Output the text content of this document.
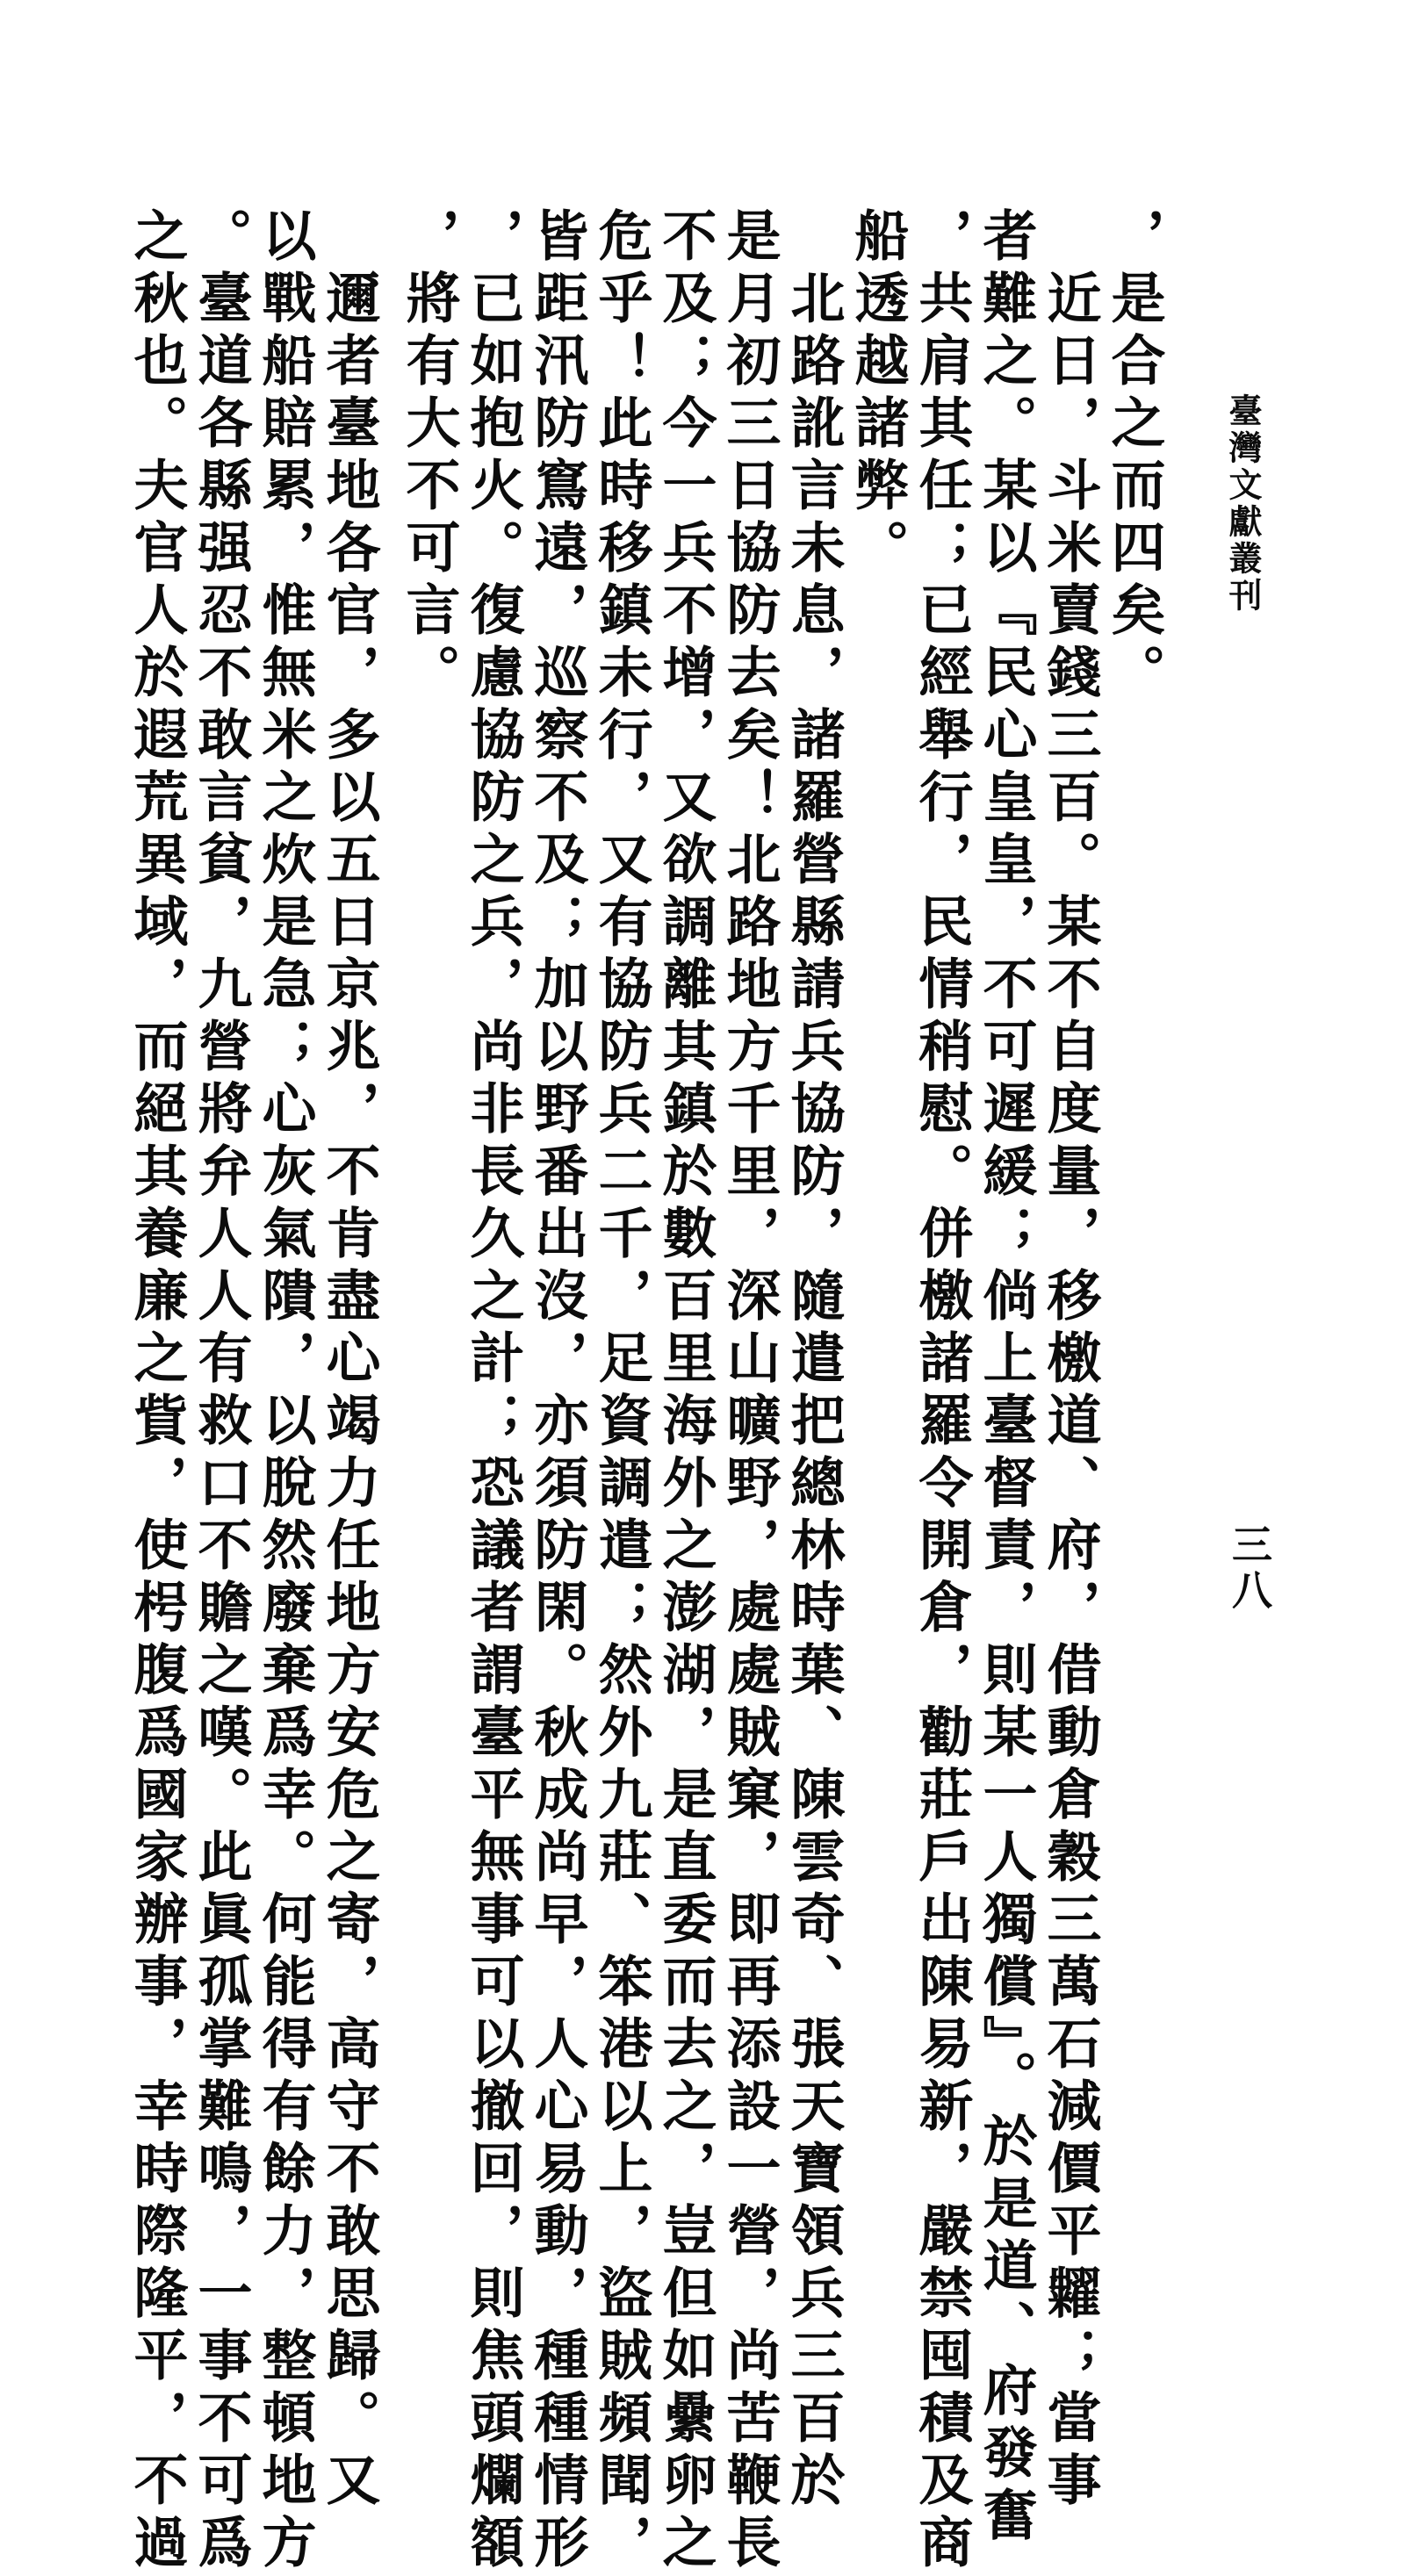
臺灣文獻叢刊
三八
，是合之而四矣。
　近日，斗米賣錢三百。某不自度量，移檄道、府，借動倉穀三萬石減價平糶；當事
者難之。某以『民心皇皇，不可遲緩；倘上臺督責，則某一人獨償』。於是道、府發奮
，共肩其任；已經舉行，民情稍慰。併檄諸羅令開倉，勸莊戶出陳易新，嚴禁囤積及商
船透越諸弊。
　北路訛言未息，諸羅營縣請兵協防，隨遣把總林時葉、陳雲奇、張天寶領兵三百於
是月初三日協防去矣！北路地方千里，深山曠野，處處賊窠，即再添設一營，尚苦鞭長
不及；今一兵不增，又欲調離其鎮於數百里海外之澎湖，是直委而去之，豈但如纍卵之
危乎！此時移鎮未行，又有協防兵二千，足資調遣；然外九莊、笨港以上，盜賊頻聞，
皆距汛防窵遠，巡察不及；加以野番出沒，亦須防閑。秋成尚早，人心易動，種種情形
，已如抱火。復慮協防之兵，尚非長久之計；恐議者謂臺平無事可以撤回，則焦頭爛額
，將有大不可言。
　邇者臺地各官，多以五日京兆，不肯盡心竭力任地方安危之寄，高守不敢思歸。又
以戰船賠累，惟無米之炊是急；心灰氣隤，以脫然廢棄爲幸。何能得有餘力，整頓地方
。臺道各縣强忍不敢言貧，九營將弁人人有救口不贍之嘆。此眞孤掌難鳴，一事不可爲
之秋也。夫官人於遐荒異域，而絕其養廉之貲，使枵腹爲國家辦事，幸時際隆平，不過
